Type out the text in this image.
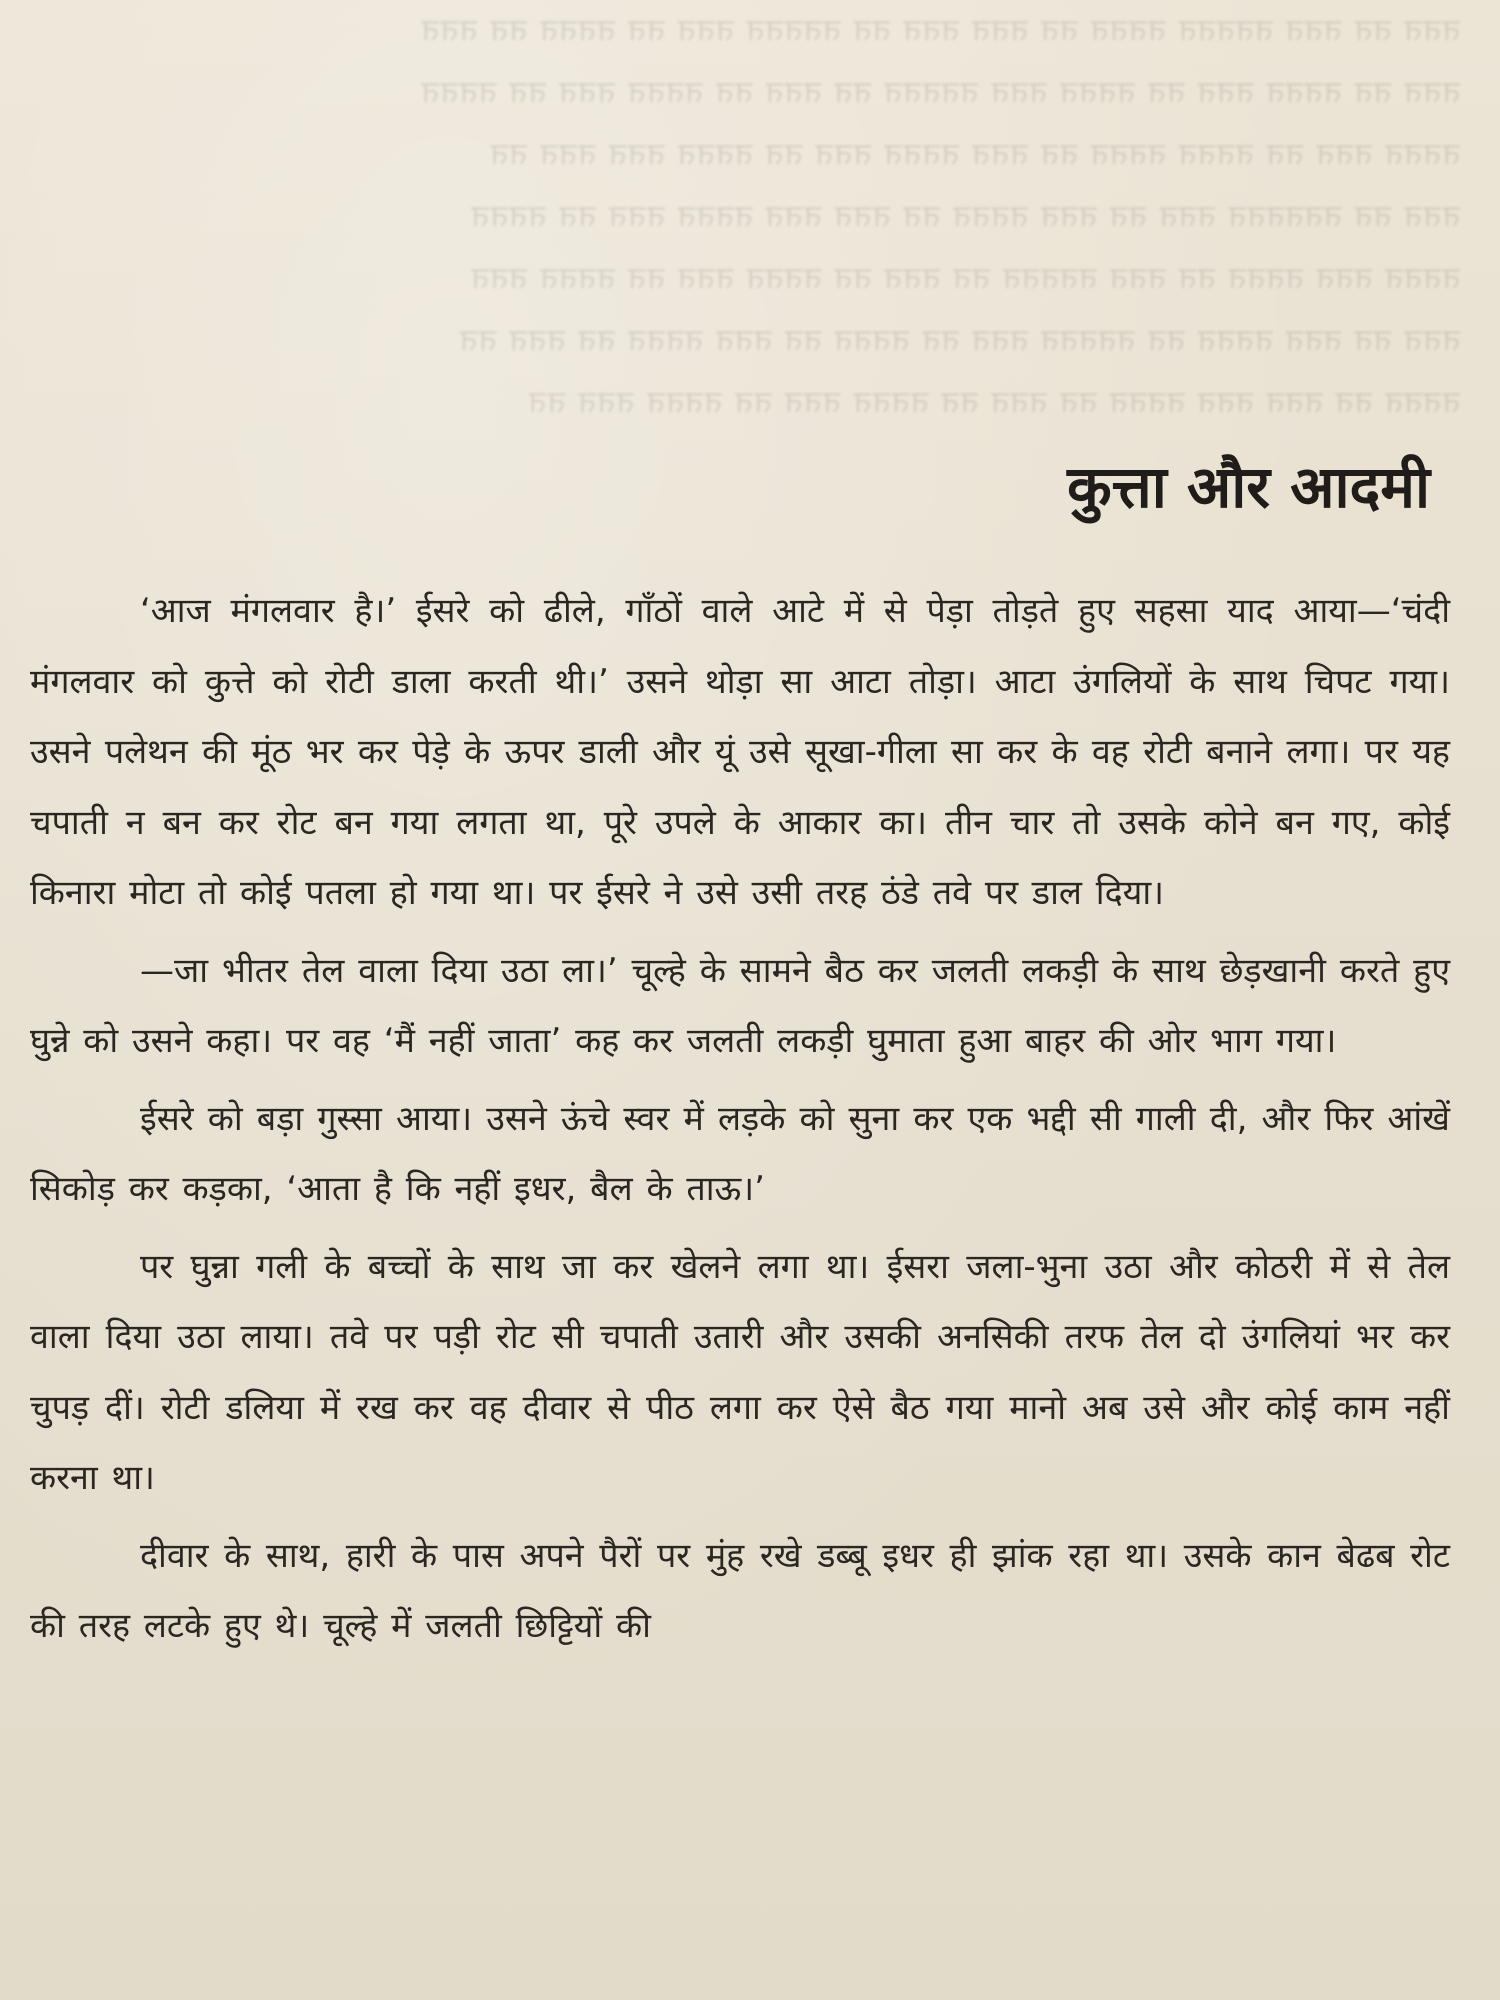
ततत तत ततत ततततत तततत तत ततत ततत तत ततततत ततत तत तततत तत ततत
ततत तत तततत ततत तत तततत ततत ततततत तत ततत तत तततत ततत तत तततत
तततत ततत तत तततत तततत तत ततत तततत ततत तत तततत ततत ततत तत
ततत तत तततततत ततत तत ततत तततत तत ततत ततत तततत ततत तत तततत
तततत ततत तततत तत ततत ततततत तत ततत तत तततत ततत तत तततत ततत
ततत तत ततत तततत तत ततततत ततत तत तततत तत ततत तततत तत ततत तत
तततत तत ततत ततत तततत तत ततत तत तततत ततत तत तततत ततत तत
कुत्ता और आदमी

‘आज मंगलवार है।’ ईसरे को ढीले, गाँठों वाले आटे में से पेड़ा तोड़ते हुए सहसा याद आया—‘चंदी मंगलवार को कुत्ते को रोटी डाला करती थी।’ उसने थोड़ा सा आटा तोड़ा। आटा उंगलियों के साथ चिपट गया। उसने पलेथन की मूंठ भर कर पेड़े के ऊपर डाली और यूं उसे सूखा-गीला सा कर के वह रोटी बनाने लगा। पर यह चपाती न बन कर रोट बन गया लगता था, पूरे उपले के आकार का। तीन चार तो उसके कोने बन गए, कोई किनारा मोटा तो कोई पतला हो गया था। पर ईसरे ने उसे उसी तरह ठंडे तवे पर डाल दिया।

—जा भीतर तेल वाला दिया उठा ला।’ चूल्हे के सामने बैठ कर जलती लकड़ी के साथ छेड़खानी करते हुए घुन्ने को उसने कहा। पर वह ‘मैं नहीं जाता’ कह कर जलती लकड़ी घुमाता हुआ बाहर की ओर भाग गया।

ईसरे को बड़ा गुस्सा आया। उसने ऊंचे स्वर में लड़के को सुना कर एक भद्दी सी गाली दी, और फिर आंखें सिकोड़ कर कड़का, ‘आता है कि नहीं इधर, बैल के ताऊ।’

पर घुन्ना गली के बच्चों के साथ जा कर खेलने लगा था। ईसरा जला-भुना उठा और कोठरी में से तेल वाला दिया उठा लाया। तवे पर पड़ी रोट सी चपाती उतारी और उसकी अनसिकी तरफ तेल दो उंगलियां भर कर चुपड़ दीं। रोटी डलिया में रख कर वह दीवार से पीठ लगा कर ऐसे बैठ गया मानो अब उसे और कोई काम नहीं करना था।

दीवार के साथ, हारी के पास अपने पैरों पर मुंह रखे डब्बू इधर ही झांक रहा था। उसके कान बेढब रोट की तरह लटके हुए थे। चूल्हे में जलती छिट्टियों की
